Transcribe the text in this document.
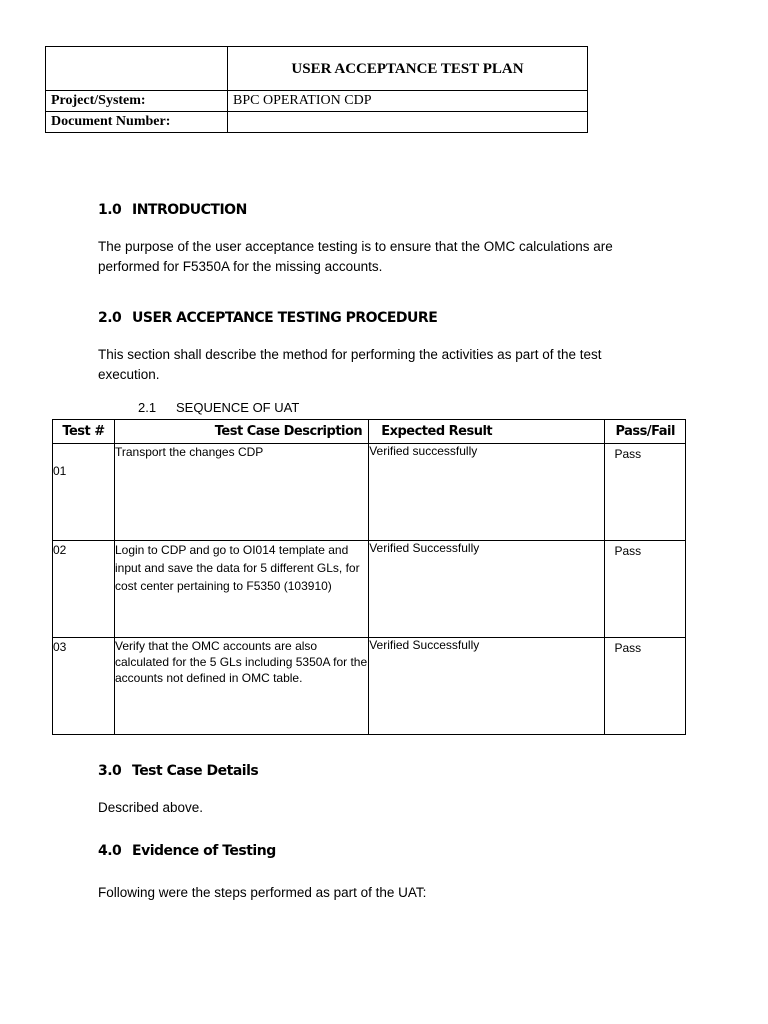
	USER ACCEPTANCE TEST PLAN
Project/System:	BPC OPERATION CDP
Document Number:	
1.0 INTRODUCTION
The purpose of the user acceptance testing is to ensure that the OMC calculations are performed for F5350A for the missing accounts.
2.0 USER ACCEPTANCE TESTING PROCEDURE
This section shall describe the method for performing the activities as part of the test execution.
2.1 SEQUENCE OF UAT
Test #	Test Case Description	Expected Result	Pass/Fail

01	Transport the changes CDP	Verified successfully	Pass

02	Login to CDP and go to OI014 template and input and save the data for 5 different GLs, for cost center pertaining to F5350 (103910)	Verified Successfully	Pass

03	Verify that the OMC accounts are also calculated for the 5 GLs including 5350A for the accounts not defined in OMC table.	Verified Successfully	Pass
3.0 Test Case Details
Described above.
4.0 Evidence of Testing
Following were the steps performed as part of the UAT:
